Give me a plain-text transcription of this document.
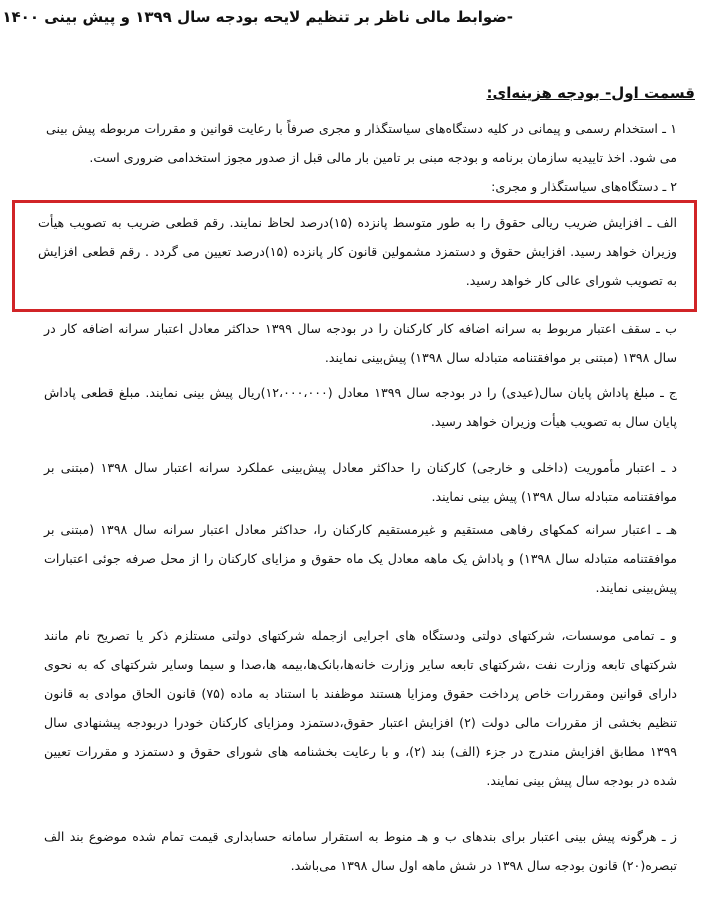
-ضوابط مالی ناظر بر تنظیم لایحه بودجه سال ۱۳۹۹ و پیش بینی ۱۴۰۰
قسمت اول- بودجه هزینه‌ای:
۱ ـ استخدام رسمی و پیمانی در کلیه دستگاه‌های سیاستگذار و مجری صرفاً با رعایت قوانین و مقررات مربوطه پیش بینی می شود. اخذ تاییدیه سازمان برنامه و بودجه مبنی بر تامین بار مالی قبل از صدور مجوز استخدامی ضروری است.
۲ ـ دستگاه‌های سیاستگذار و مجری:
الف ـ افزایش ضریب ریالی حقوق را به طور متوسط پانزده (۱۵)درصد لحاظ نمایند. رقم قطعی ضریب به تصویب هیأت وزیران خواهد رسید. افزایش حقوق و دستمزد مشمولین قانون کار پانزده (۱۵)درصد تعیین می گردد . رقم قطعی افزایش به تصویب شورای عالی کار خواهد رسید.
ب ـ سقف اعتبار مربوط به سرانه اضافه کار کارکنان را در بودجه سال ۱۳۹۹ حداکثر معادل اعتبار سرانه اضافه کار در سال ۱۳۹۸ (مبتنی بر موافقتنامه متبادله سال ۱۳۹۸) پیش‌بینی نمایند.
ج ـ مبلغ پاداش پایان سال(عیدی) را در بودجه سال ۱۳۹۹ معادل (۱۲،۰۰۰،۰۰۰)ریال پیش بینی نمایند. مبلغ قطعی پاداش پایان سال به تصویب هیأت وزیران خواهد رسید.
د ـ اعتبار مأموریت (داخلی و خارجی) کارکنان را حداکثر معادل پیش‌بینی عملکرد سرانه اعتبار سال ۱۳۹۸ (مبتنی بر موافقتنامه متبادله سال ۱۳۹۸) پیش بینی نمایند.
هـ ـ اعتبار سرانه کمکهای رفاهی مستقیم و غیرمستقیم کارکنان را، حداکثر معادل اعتبار سرانه سال ۱۳۹۸ (مبتنی بر موافقتنامه متبادله سال ۱۳۹۸) و پاداش یک ماهه معادل یک ماه حقوق و مزایای کارکنان را از محل صرفه جوئی اعتبارات پیش‌بینی نمایند.
و ـ تمامی موسسات، شرکتهای دولتی ودستگاه های اجرایی ازجمله شرکتهای دولتی مستلزم ذکر یا تصریح نام مانند شرکتهای تابعه وزارت نفت ،شرکتهای تابعه سایر وزارت خانه‌ها،بانک‌ها،بیمه ها،صدا و سیما وسایر شرکتهای که به نحوی دارای قوانین ومقررات خاص پرداخت حقوق ومزایا هستند موظفند با استناد به ماده (۷۵) قانون الحاق موادی به قانون تنظیم بخشی از مقررات مالی دولت (۲) افزایش اعتبار حقوق،دستمزد ومزایای کارکنان خودرا دربودجه پیشنهادی سال ۱۳۹۹ مطابق افزایش مندرج در جزء (الف) بند (۲)، و با رعایت بخشنامه های شورای حقوق و دستمزد و مقررات تعیین شده در بودجه سال پیش بینی نمایند.
ز ـ هرگونه پیش بینی اعتبار برای بندهای ب و هـ منوط به استقرار سامانه حسابداری قیمت تمام شده موضوع بند الف تبصره(۲۰) قانون بودجه سال ۱۳۹۸ در شش ماهه اول سال ۱۳۹۸ می‌باشد.
